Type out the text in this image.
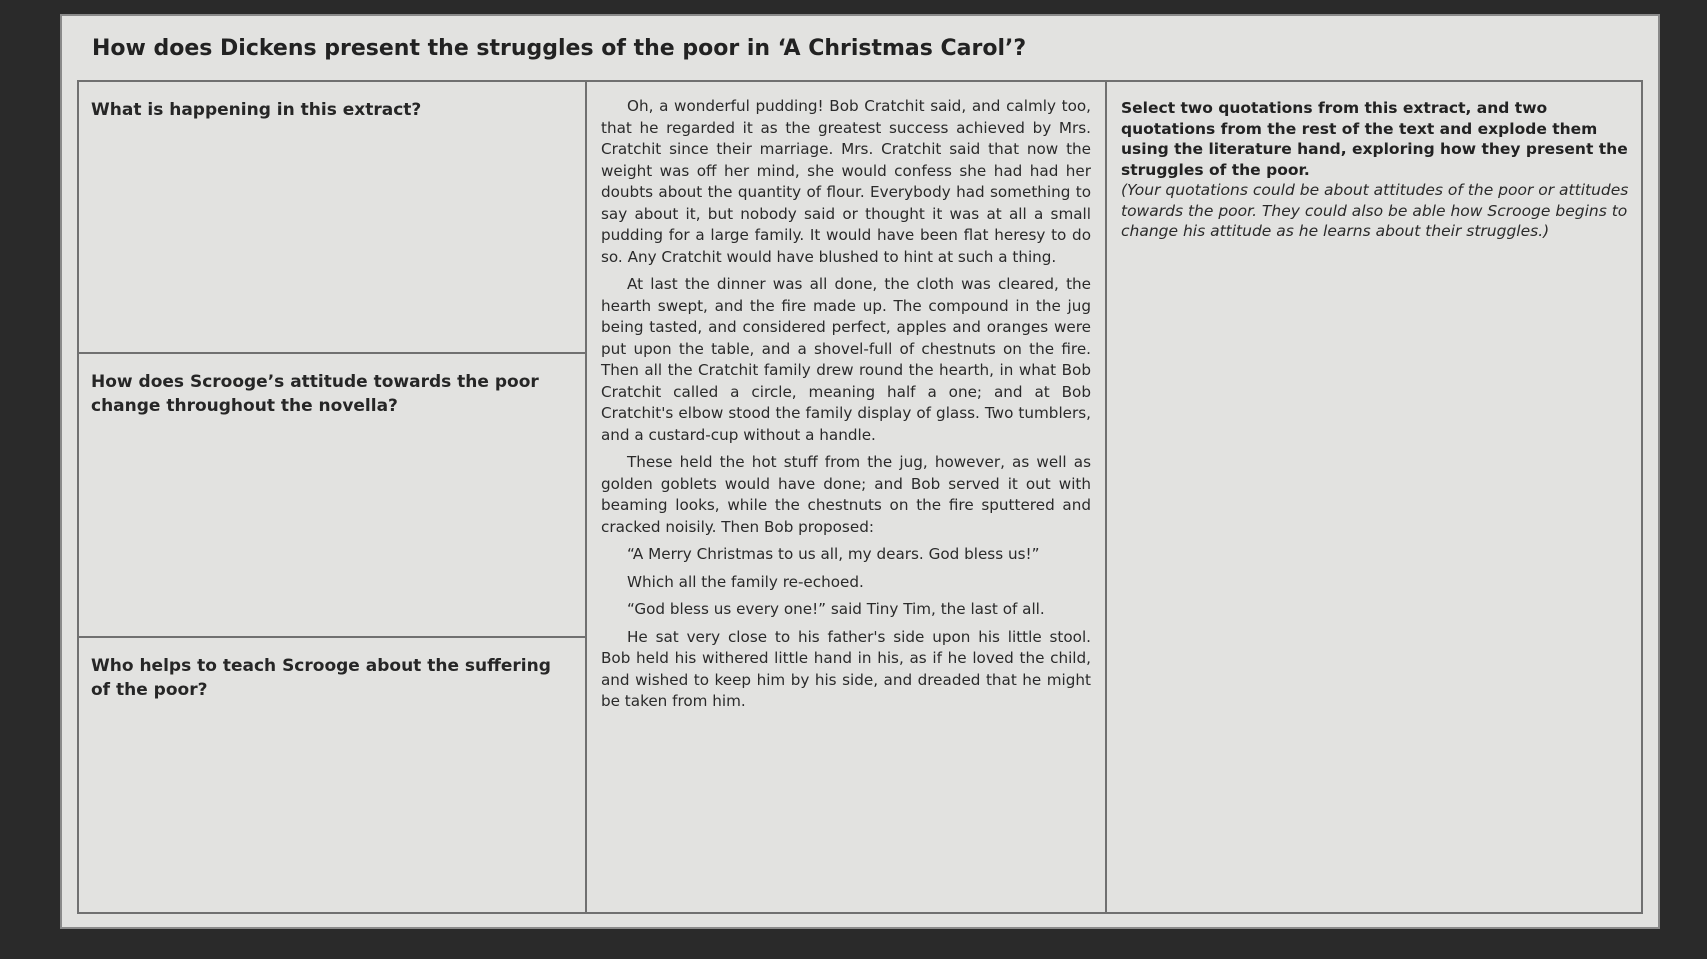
How does Dickens present the struggles of the poor in ‘A Christmas Carol’?
What is happening in this extract?
How does Scrooge’s attitude towards the poor change throughout the novella?
Who helps to teach Scrooge about the suffering of the poor?

Oh, a wonderful pudding! Bob Cratchit said, and calmly too, that he regarded it as the greatest success achieved by Mrs. Cratchit since their marriage. Mrs. Cratchit said that now the weight was off her mind, she would confess she had had her doubts about the quantity of flour. Everybody had something to say about it, but nobody said or thought it was at all a small pudding for a large family. It would have been flat heresy to do so. Any Cratchit would have blushed to hint at such a thing.

At last the dinner was all done, the cloth was cleared, the hearth swept, and the fire made up. The compound in the jug being tasted, and considered perfect, apples and oranges were put upon the table, and a shovel-full of chestnuts on the fire. Then all the Cratchit family drew round the hearth, in what Bob Cratchit called a circle, meaning half a one; and at Bob Cratchit's elbow stood the family display of glass. Two tumblers, and a custard-cup without a handle.

These held the hot stuff from the jug, however, as well as golden goblets would have done; and Bob served it out with beaming looks, while the chestnuts on the fire sputtered and cracked noisily. Then Bob proposed:

“A Merry Christmas to us all, my dears. God bless us!”

Which all the family re-echoed.

“God bless us every one!” said Tiny Tim, the last of all.

He sat very close to his father's side upon his little stool. Bob held his withered little hand in his, as if he loved the child, and wished to keep him by his side, and dreaded that he might be taken from him.

Select two quotations from this extract, and two quotations from the rest of the text and explode them using the literature hand, exploring how they present the struggles of the poor.
(Your quotations could be about attitudes of the poor or attitudes towards the poor. They could also be able how Scrooge begins to change his attitude as he learns about their struggles.)
